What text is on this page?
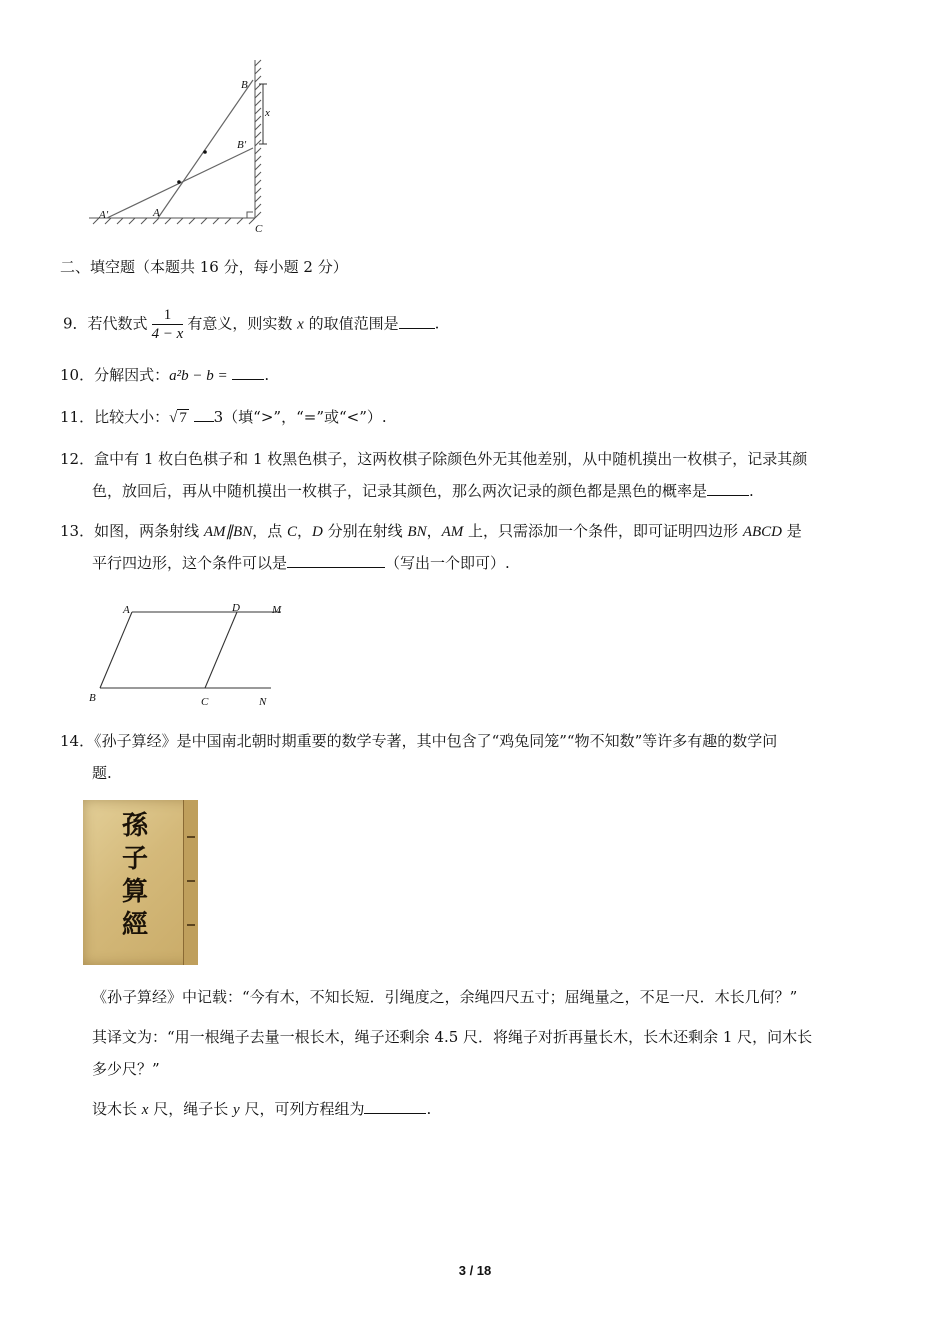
B
B′
x
A
A′
C
二、填空题（本题共 16 分，每小题 2 分）
9．若代数式 $\frac{1}{4 - x}$ 有意义，则实数 x 的取值范围是 .
10．分解因式：a²b − b = .
11．比较大小：√ 7 3（填“>”，“=”或“<”）.
12．盒中有 1 枚白色棋子和 1 枚黑色棋子，这两枚棋子除颜色外无其他差别，从中随机摸出一枚棋子，记录其颜
色，放回后，再从中随机摸出一枚棋子，记录其颜色，那么两次记录的颜色都是黑色的概率是	.
13．如图，两条射线 AM∥BN，点 C，D 分别在射线 BN，AM 上，只需添加一个条件，即可证明四边形 ABCD 是
平行四边形，这个条件可以是	（写出一个即可）.
A	D	M
B	C	N
14．《孙子算经》是中国南北朝时期重要的数学专著，其中包含了“鸡兔同笼”“物不知数”等许多有趣的数学问
题.
孫
子
算
經
《孙子算经》中记载：“今有木，不知长短．引绳度之，余绳四尺五寸；屈绳量之，不足一尺．木长几何？”
其译文为：“用一根绳子去量一根长木，绳子还剩余 4.5 尺．将绳子对折再量长木，长木还剩余 1 尺，问木长
多少尺？”
设木长 x 尺，绳子长 y 尺，可列方程组为	.
3 / 18
